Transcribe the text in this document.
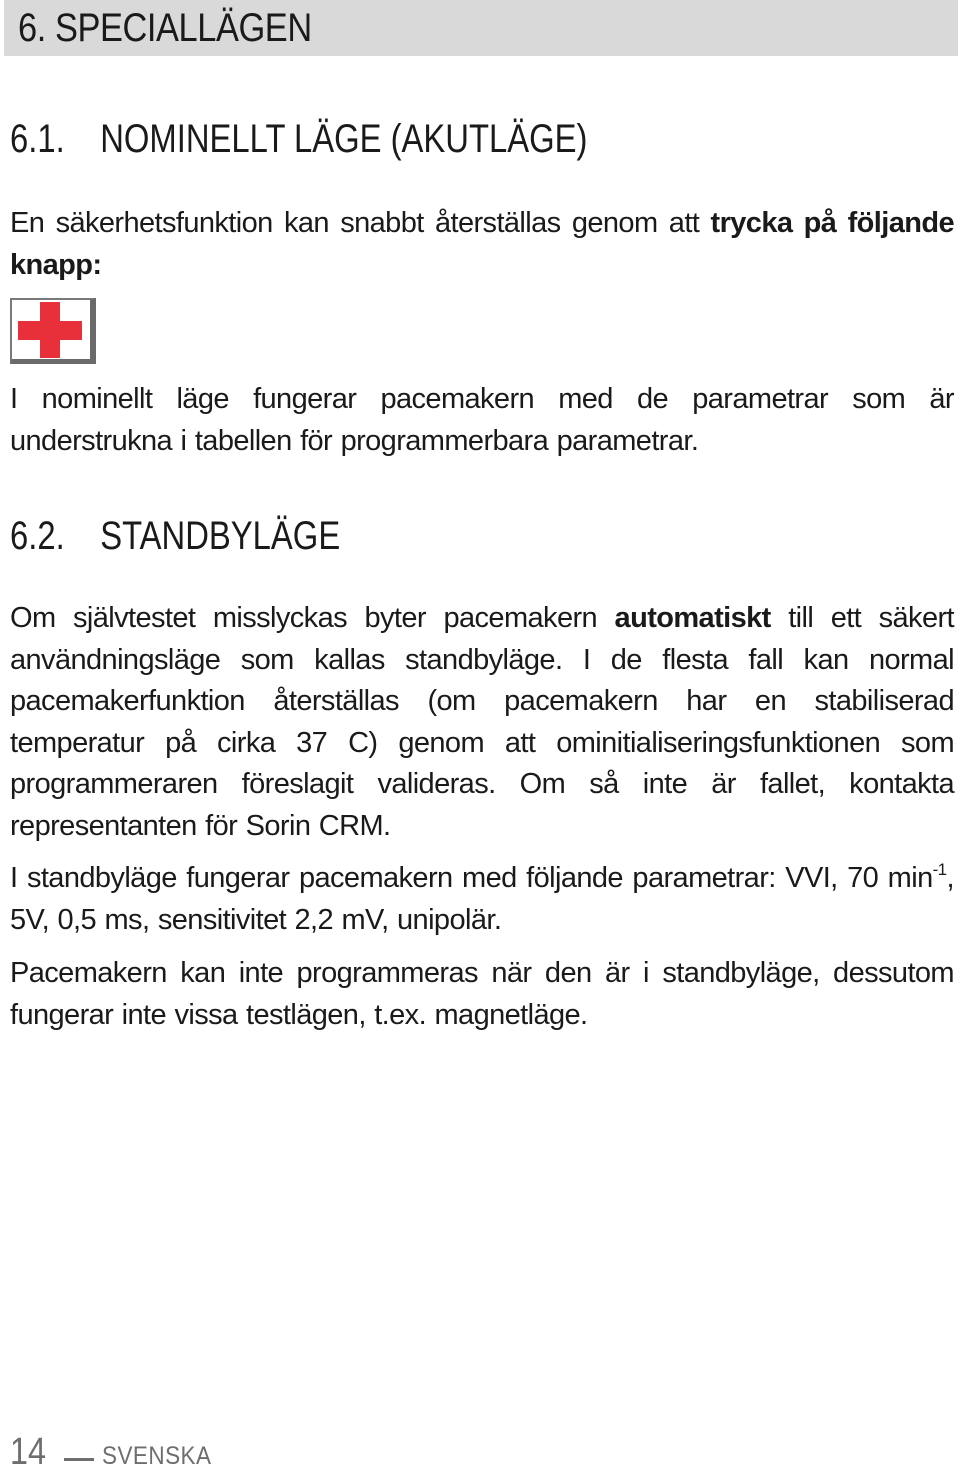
6. SPECIALLÄGEN
6.1. NOMINELLT LÄGE (AKUTLÄGE)
En säkerhetsfunktion kan snabbt återställas genom att trycka på följande knapp:
I nominellt läge fungerar pacemakern med de parametrar som är understrukna i tabellen för programmerbara parametrar.
6.2. STANDBYLÄGE
Om självtestet misslyckas byter pacemakern automatiskt till ett säkert användningsläge som kallas standbyläge. I de flesta fall kan normal pacemakerfunktion återställas (om pacemakern har en stabiliserad temperatur på cirka 37 C) genom att ominitialiseringsfunktionen som programmeraren föreslagit valideras. Om så inte är fallet, kontakta representanten för Sorin CRM.
I standbyläge fungerar pacemakern med följande parametrar: VVI, 70 $\min^{-1}$, 5V, 0,5 ms, sensitivitet 2,2 mV, unipolär.
Pacemakern kan inte programmeras när den är i standbyläge, dessutom fungerar inte vissa testlägen, t.ex. magnetläge.
14 SVENSKA
